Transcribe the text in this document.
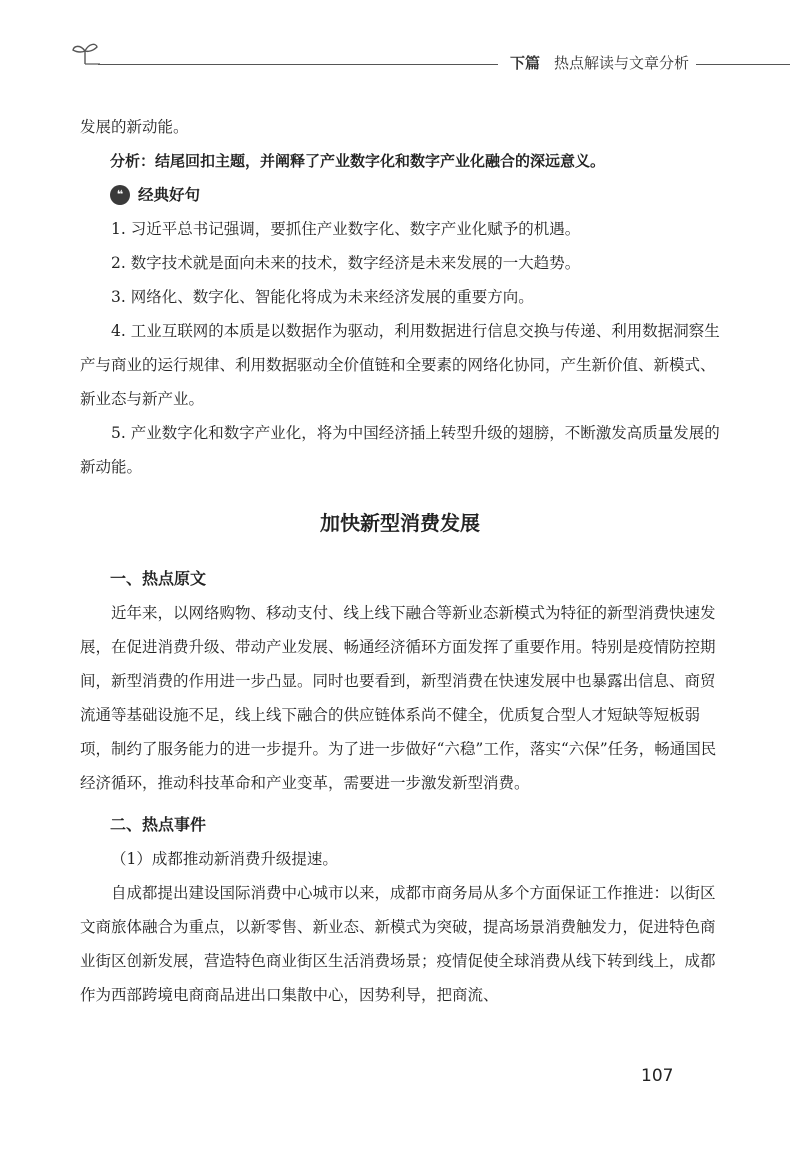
下篇 热点解读与文章分析

发展的新动能。

分析：结尾回扣主题，并阐释了产业数字化和数字产业化融合的深远意义。

❝ 经典好句

1. 习近平总书记强调，要抓住产业数字化、数字产业化赋予的机遇。

2. 数字技术就是面向未来的技术，数字经济是未来发展的一大趋势。

3. 网络化、数字化、智能化将成为未来经济发展的重要方向。

4. 工业互联网的本质是以数据作为驱动，利用数据进行信息交换与传递、利用数据洞察生产与商业的运行规律、利用数据驱动全价值链和全要素的网络化协同，产生新价值、新模式、新业态与新产业。

5. 产业数字化和数字产业化，将为中国经济插上转型升级的翅膀，不断激发高质量发展的新动能。

加快新型消费发展
一、热点原文

近年来，以网络购物、移动支付、线上线下融合等新业态新模式为特征的新型消费快速发展，在促进消费升级、带动产业发展、畅通经济循环方面发挥了重要作用。特别是疫情防控期间，新型消费的作用进一步凸显。同时也要看到，新型消费在快速发展中也暴露出信息、商贸流通等基础设施不足，线上线下融合的供应链体系尚不健全，优质复合型人才短缺等短板弱项，制约了服务能力的进一步提升。为了进一步做好“六稳”工作，落实“六保”任务，畅通国民经济循环，推动科技革命和产业变革，需要进一步激发新型消费。

二、热点事件

（1）成都推动新消费升级提速。

自成都提出建设国际消费中心城市以来，成都市商务局从多个方面保证工作推进：以街区文商旅体融合为重点，以新零售、新业态、新模式为突破，提高场景消费触发力，促进特色商业街区创新发展，营造特色商业街区生活消费场景；疫情促使全球消费从线下转到线上，成都作为西部跨境电商商品进出口集散中心，因势利导，把商流、

107
